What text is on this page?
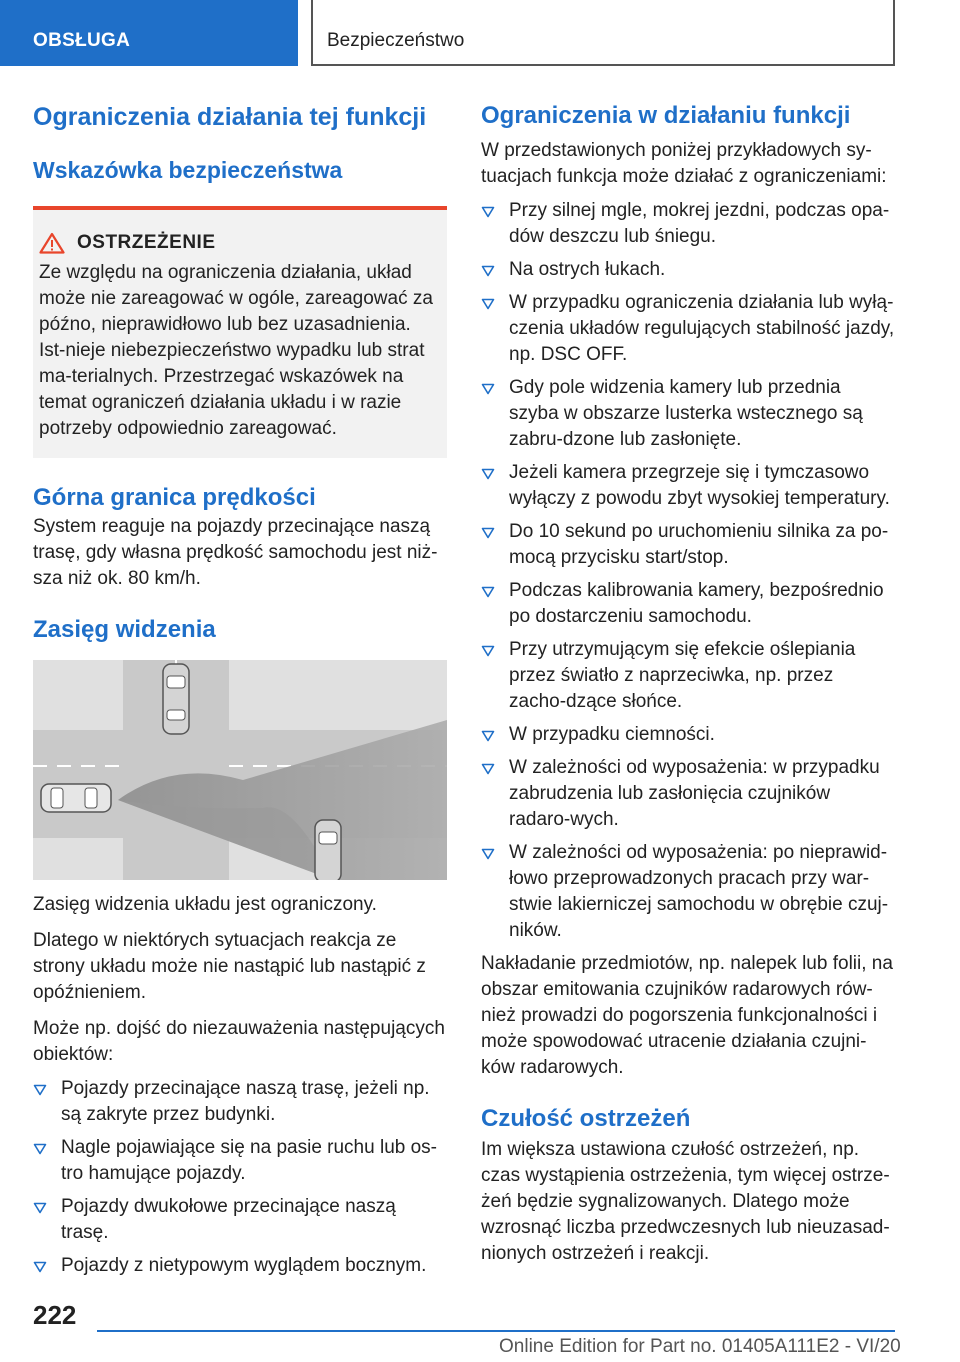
OBSŁUGA	Bezpieczeństwo
Ograniczenia działania tej funkcji
Wskazówka bezpieczeństwa
OSTRZEŻENIE

Ze względu na ograniczenia działania, układ może nie zareagować w ogóle, zareagować za późno, nieprawidłowo lub bez uzasadnienia. Ist-nieje niebezpieczeństwo wypadku lub strat ma-terialnych. Przestrzegać wskazówek na temat ograniczeń działania układu i w razie potrzeby odpowiednio zareagować.

Górna granica prędkości

System reaguje na pojazdy przecinające naszą trasę, gdy własna prędkość samochodu jest niż-sza niż ok. 80 km/h.

Zasięg widzenia

Zasięg widzenia układu jest ograniczony.

Dlatego w niektórych sytuacjach reakcja ze strony układu może nie nastąpić lub nastąpić z opóźnieniem.

Może np. dojść do niezauważenia następujących obiektów:

Pojazdy przecinające naszą trasę, jeżeli np. są zakryte przez budynki.
Nagle pojawiające się na pasie ruchu lub os-tro hamujące pojazdy.
Pojazdy dwukołowe przecinające naszą trasę.
Pojazdy z nietypowym wyglądem bocznym.
Ograniczenia w działaniu funkcji

W przedstawionych poniżej przykładowych sy-tuacjach funkcja może działać z ograniczeniami:

Przy silnej mgle, mokrej jezdni, podczas opa-dów deszczu lub śniegu.
Na ostrych łukach.
W przypadku ograniczenia działania lub wyłą-czenia układów regulujących stabilność jazdy, np. DSC OFF.
Gdy pole widzenia kamery lub przednia szyba w obszarze lusterka wstecznego są zabru-dzone lub zasłonięte.
Jeżeli kamera przegrzeje się i tymczasowo wyłączy z powodu zbyt wysokiej temperatury.
Do 10 sekund po uruchomieniu silnika za po-mocą przycisku start/stop.
Podczas kalibrowania kamery, bezpośrednio po dostarczeniu samochodu.
Przy utrzymującym się efekcie oślepiania przez światło z naprzeciwka, np. przez zacho-dzące słońce.
W przypadku ciemności.
W zależności od wyposażenia: w przypadku zabrudzenia lub zasłonięcia czujników radaro-wych.
W zależności od wyposażenia: po nieprawid-łowo przeprowadzonych pracach przy war-stwie lakierniczej samochodu w obrębie czuj-ników.

Nakładanie przedmiotów, np. nalepek lub folii, na obszar emitowania czujników radarowych rów-nież prowadzi do pogorszenia funkcjonalności i może spowodować utracenie działania czujni-ków radarowych.

Czułość ostrzeżeń

Im większa ustawiona czułość ostrzeżeń, np. czas wystąpienia ostrzeżenia, tym więcej ostrze-żeń będzie sygnalizowanych. Dlatego może wzrosnąć liczba przedwczesnych lub nieuzasad-nionych ostrzeżeń i reakcji.

222
Online Edition for Part no. 01405A111E2 - VI/20
